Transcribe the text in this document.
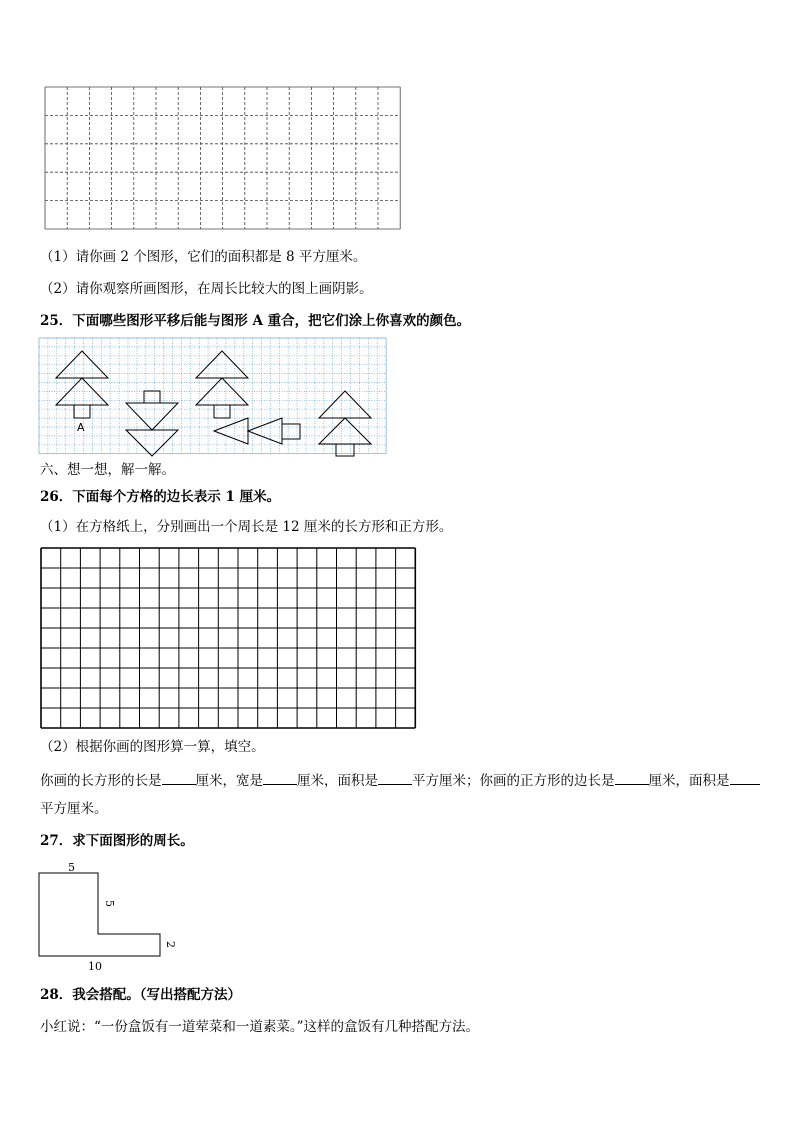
（1）请你画 2 个图形，它们的面积都是 8 平方厘米。
（2）请你观察所画图形，在周长比较大的图上画阴影。
25．下面哪些图形平移后能与图形 A 重合，把它们涂上你喜欢的颜色。
A
六、想一想，解一解。
26．下面每个方格的边长表示 1 厘米。
（1）在方格纸上，分别画出一个周长是 12 厘米的长方形和正方形。
（2）根据你画的图形算一算，填空。
你画的长方形的长是	厘米，宽是	厘米，面积是	平方厘米；你画的正方形的边长是	厘米，面积是
平方厘米。
27．求下面图形的周长。
5
5
2
10
28．我会搭配。（写出搭配方法）
小红说：“一份盒饭有一道荤菜和一道素菜。”这样的盒饭有几种搭配方法。
